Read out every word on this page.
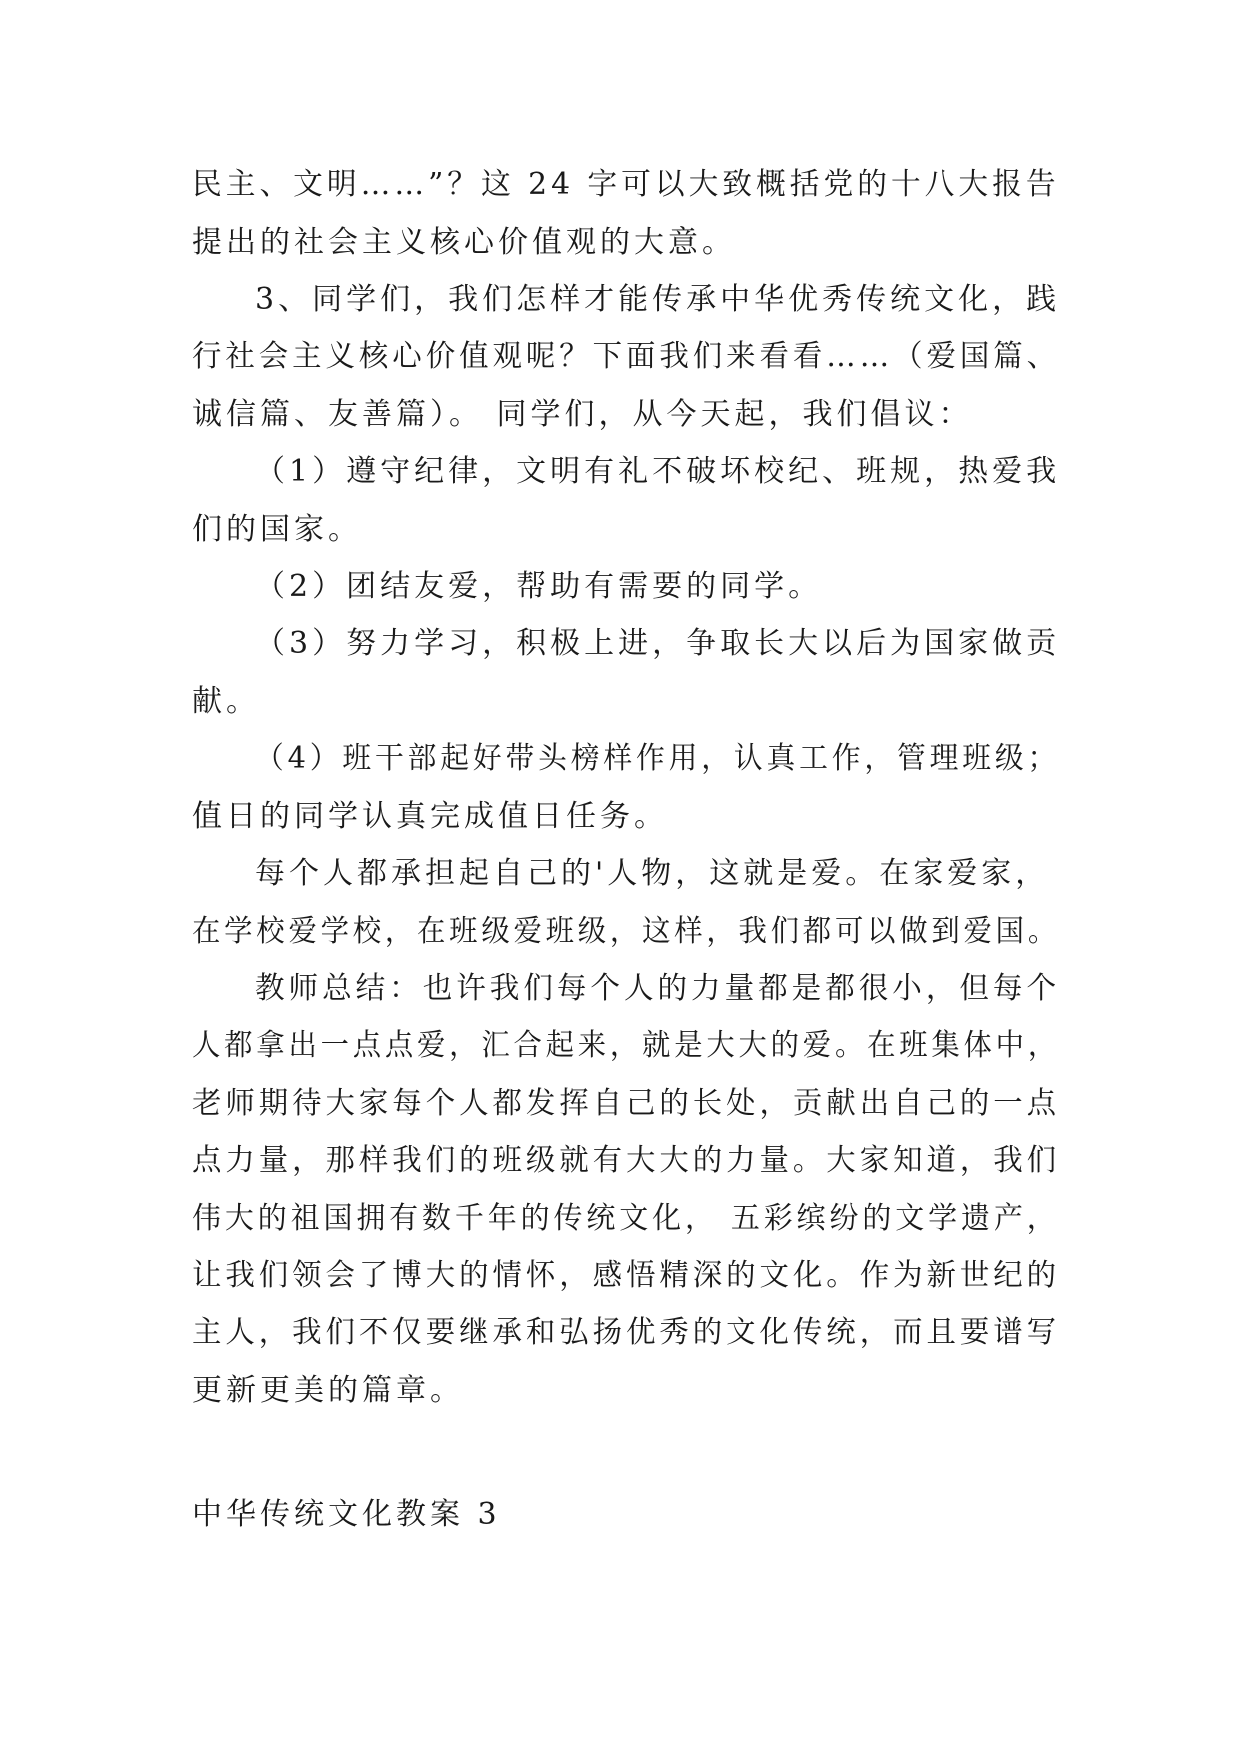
民主、文明……”？这 24 字可以大致概括党的十八大报告
提出的社会主义核心价值观的大意。
3、同学们，我们怎样才能传承中华优秀传统文化，践
行社会主义核心价值观呢？下面我们来看看……（爱国篇、
诚信篇、友善篇）。 同学们，从今天起，我们倡议：
（1）遵守纪律，文明有礼不破坏校纪、班规，热爱我
们的国家。
（2）团结友爱，帮助有需要的同学。
（3）努力学习，积极上进，争取长大以后为国家做贡
献。
（4）班干部起好带头榜样作用，认真工作，管理班级；
值日的同学认真完成值日任务。
每个人都承担起自己的'人物，这就是爱。在家爱家，
在学校爱学校，在班级爱班级，这样，我们都可以做到爱国。
教师总结：也许我们每个人的力量都是都很小，但每个
人都拿出一点点爱，汇合起来，就是大大的爱。在班集体中，
老师期待大家每个人都发挥自己的长处，贡献出自己的一点
点力量，那样我们的班级就有大大的力量。大家知道，我们
伟大的祖国拥有数千年的传统文化， 五彩缤纷的文学遗产，
让我们领会了博大的情怀，感悟精深的文化。作为新世纪的
主人，我们不仅要继承和弘扬优秀的文化传统，而且要谱写
更新更美的篇章。
中华传统文化教案 3
